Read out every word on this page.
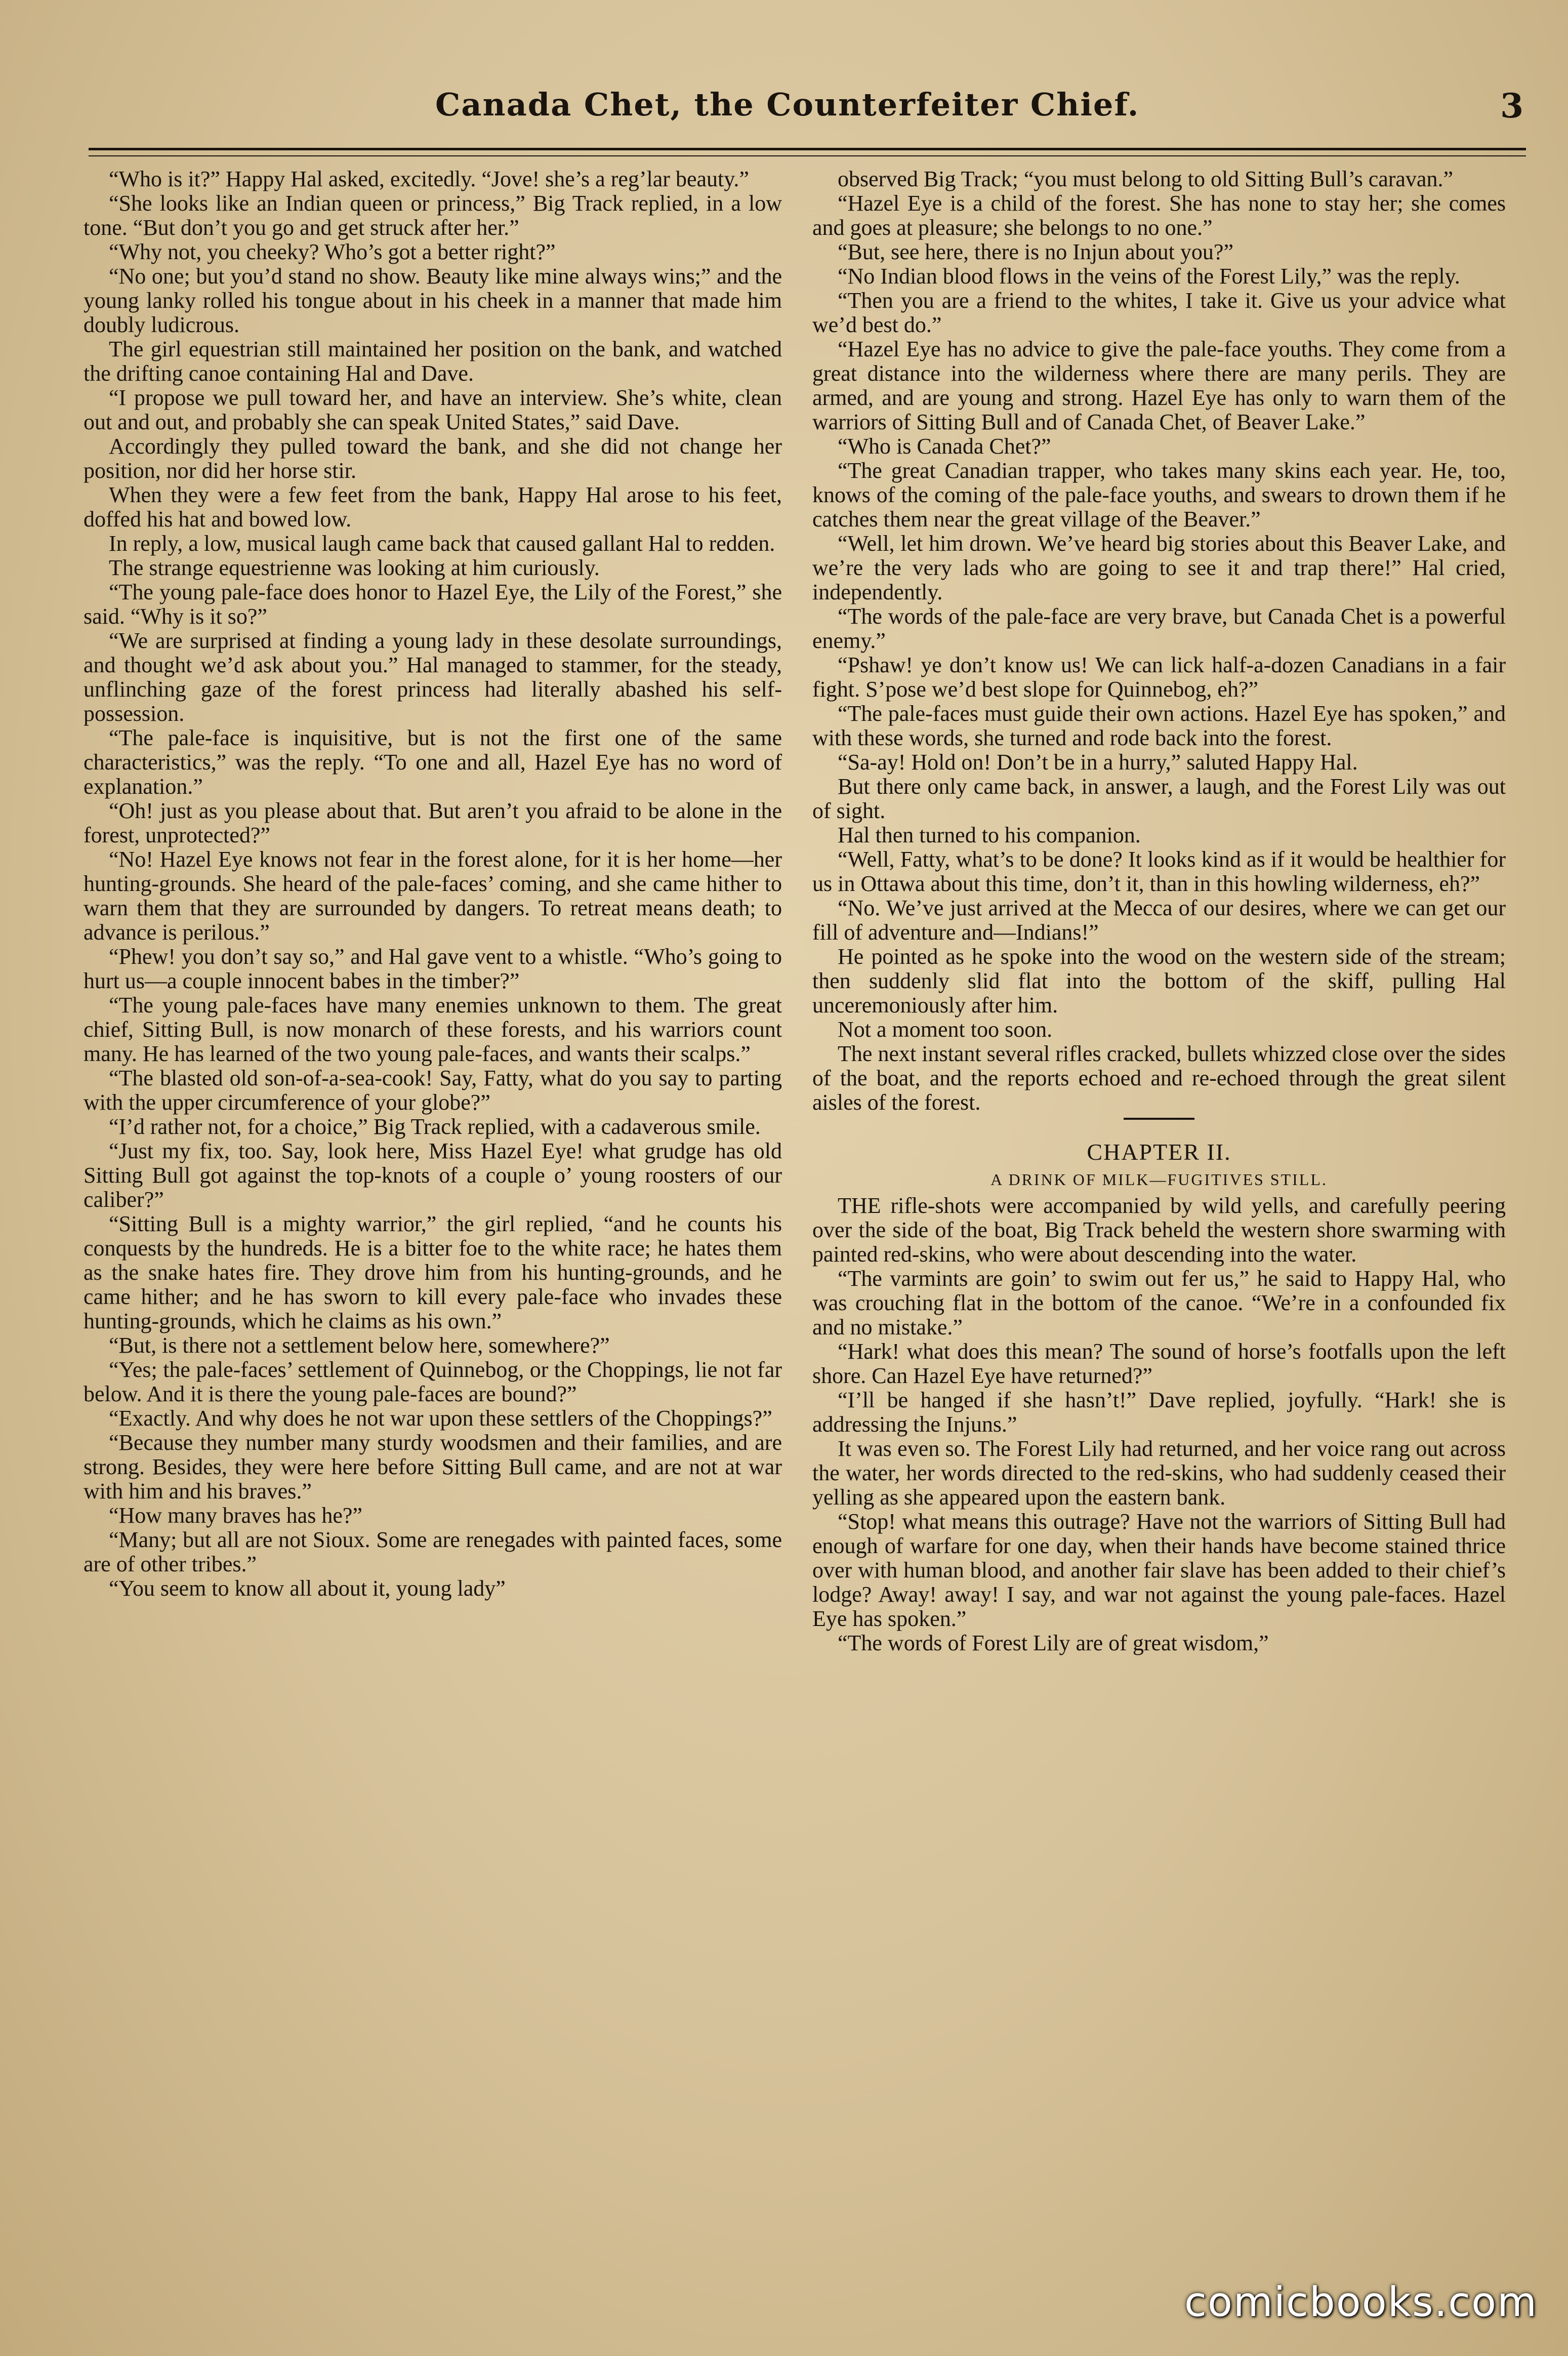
Canada Chet, the Counterfeiter Chief.	3

“Who is it?” Happy Hal asked, excitedly. “Jove! she’s a reg’lar beauty.”

“She looks like an Indian queen or princess,” Big Track replied, in a low tone. “But don’t you go and get struck after her.”

“Why not, you cheeky? Who’s got a better right?”

“No one; but you’d stand no show. Beauty like mine always wins;” and the young lanky rolled his tongue about in his cheek in a manner that made him doubly ludicrous.

The girl equestrian still maintained her position on the bank, and watched the drifting canoe containing Hal and Dave.

“I propose we pull toward her, and have an interview. She’s white, clean out and out, and probably she can speak United States,” said Dave.

Accordingly they pulled toward the bank, and she did not change her position, nor did her horse stir.

When they were a few feet from the bank, Happy Hal arose to his feet, doffed his hat and bowed low.

In reply, a low, musical laugh came back that caused gallant Hal to redden.

The strange equestrienne was looking at him curiously.

“The young pale-face does honor to Hazel Eye, the Lily of the Forest,” she said. “Why is it so?”

“We are surprised at finding a young lady in these desolate surroundings, and thought we’d ask about you.” Hal managed to stammer, for the steady, unflinching gaze of the forest princess had literally abashed his self-possession.

“The pale-face is inquisitive, but is not the first one of the same characteristics,” was the reply. “To one and all, Hazel Eye has no word of explanation.”

“Oh! just as you please about that. But aren’t you afraid to be alone in the forest, unprotected?”

“No! Hazel Eye knows not fear in the forest alone, for it is her home—her hunting-grounds. She heard of the pale-faces’ coming, and she came hither to warn them that they are surrounded by dangers. To retreat means death; to advance is perilous.”

“Phew! you don’t say so,” and Hal gave vent to a whistle. “Who’s going to hurt us—a couple innocent babes in the timber?”

“The young pale-faces have many enemies unknown to them. The great chief, Sitting Bull, is now monarch of these forests, and his warriors count many. He has learned of the two young pale-faces, and wants their scalps.”

“The blasted old son-of-a-sea-cook! Say, Fatty, what do you say to parting with the upper circumference of your globe?”

“I’d rather not, for a choice,” Big Track replied, with a cadaverous smile.

“Just my fix, too. Say, look here, Miss Hazel Eye! what grudge has old Sitting Bull got against the top-knots of a couple o’ young roosters of our caliber?”

“Sitting Bull is a mighty warrior,” the girl replied, “and he counts his conquests by the hundreds. He is a bitter foe to the white race; he hates them as the snake hates fire. They drove him from his hunting-grounds, and he came hither; and he has sworn to kill every pale-face who invades these hunting-grounds, which he claims as his own.”

“But, is there not a settlement below here, somewhere?”

“Yes; the pale-faces’ settlement of Quinnebog, or the Choppings, lie not far below. And it is there the young pale-faces are bound?”

“Exactly. And why does he not war upon these settlers of the Choppings?”

“Because they number many sturdy woodsmen and their families, and are strong. Besides, they were here before Sitting Bull came, and are not at war with him and his braves.”

“How many braves has he?”

“Many; but all are not Sioux. Some are renegades with painted faces, some are of other tribes.”

“You seem to know all about it, young lady”

observed Big Track; “you must belong to old Sitting Bull’s caravan.”

“Hazel Eye is a child of the forest. She has none to stay her; she comes and goes at pleasure; she belongs to no one.”

“But, see here, there is no Injun about you?”

“No Indian blood flows in the veins of the Forest Lily,” was the reply.

“Then you are a friend to the whites, I take it. Give us your advice what we’d best do.”

“Hazel Eye has no advice to give the pale-face youths. They come from a great distance into the wilderness where there are many perils. They are armed, and are young and strong. Hazel Eye has only to warn them of the warriors of Sitting Bull and of Canada Chet, of Beaver Lake.”

“Who is Canada Chet?”

“The great Canadian trapper, who takes many skins each year. He, too, knows of the coming of the pale-face youths, and swears to drown them if he catches them near the great village of the Beaver.”

“Well, let him drown. We’ve heard big stories about this Beaver Lake, and we’re the very lads who are going to see it and trap there!” Hal cried, independently.

“The words of the pale-face are very brave, but Canada Chet is a powerful enemy.”

“Pshaw! ye don’t know us! We can lick half-a-dozen Canadians in a fair fight. S’pose we’d best slope for Quinnebog, eh?”

“The pale-faces must guide their own actions. Hazel Eye has spoken,” and with these words, she turned and rode back into the forest.

“Sa-ay! Hold on! Don’t be in a hurry,” saluted Happy Hal.

But there only came back, in answer, a laugh, and the Forest Lily was out of sight.

Hal then turned to his companion.

“Well, Fatty, what’s to be done? It looks kind as if it would be healthier for us in Ottawa about this time, don’t it, than in this howling wilderness, eh?”

“No. We’ve just arrived at the Mecca of our desires, where we can get our fill of adventure and—Indians!”

He pointed as he spoke into the wood on the western side of the stream; then suddenly slid flat into the bottom of the skiff, pulling Hal unceremoniously after him.

Not a moment too soon.

The next instant several rifles cracked, bullets whizzed close over the sides of the boat, and the reports echoed and re-echoed through the great silent aisles of the forest.

CHAPTER II.

A DRINK OF MILK—FUGITIVES STILL.

THE rifle-shots were accompanied by wild yells, and carefully peering over the side of the boat, Big Track beheld the western shore swarming with painted red-skins, who were about descending into the water.

“The varmints are goin’ to swim out fer us,” he said to Happy Hal, who was crouching flat in the bottom of the canoe. “We’re in a confounded fix and no mistake.”

“Hark! what does this mean? The sound of horse’s footfalls upon the left shore. Can Hazel Eye have returned?”

“I’ll be hanged if she hasn’t!” Dave replied, joyfully. “Hark! she is addressing the Injuns.”

It was even so. The Forest Lily had returned, and her voice rang out across the water, her words directed to the red-skins, who had suddenly ceased their yelling as she appeared upon the eastern bank.

“Stop! what means this outrage? Have not the warriors of Sitting Bull had enough of warfare for one day, when their hands have become stained thrice over with human blood, and another fair slave has been added to their chief’s lodge? Away! away! I say, and war not against the young pale-faces. Hazel Eye has spoken.”

“The words of Forest Lily are of great wisdom,”

comicbooks.com
